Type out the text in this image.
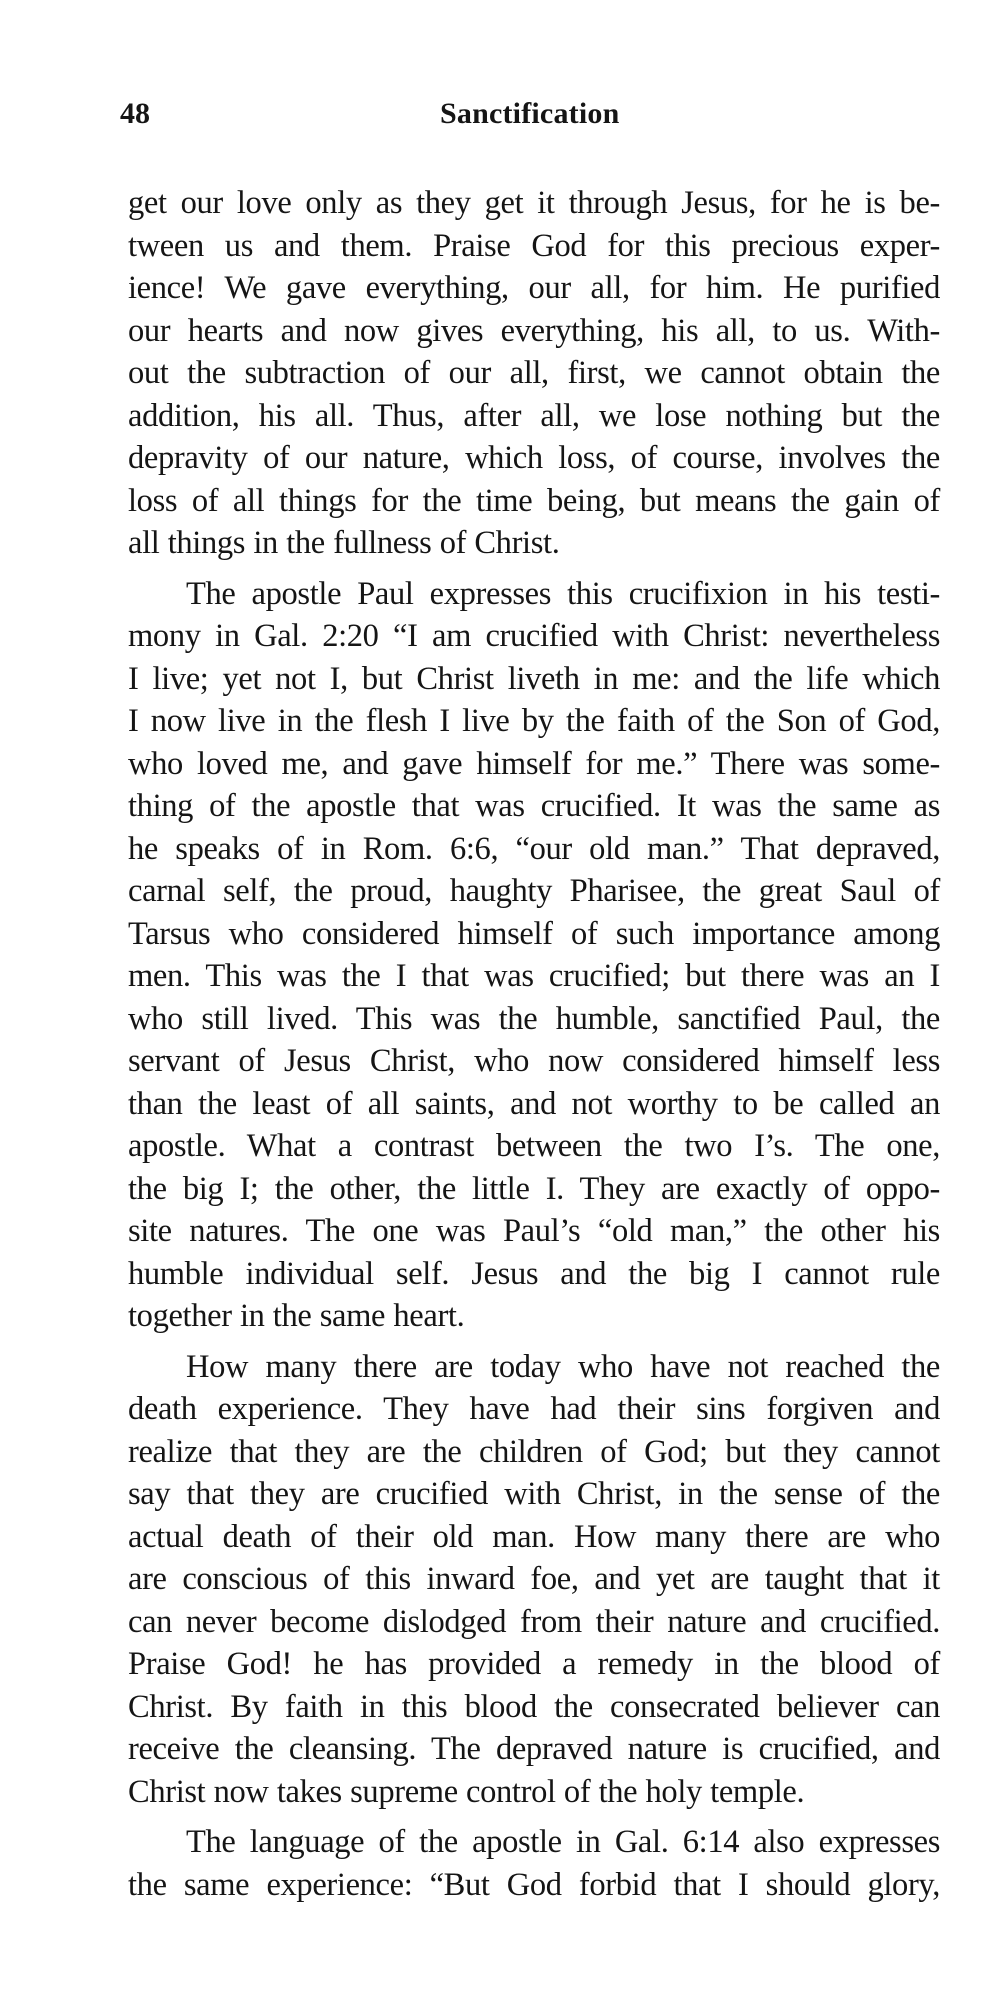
48	Sanctification

get our love only as they get it through Jesus, for he is be-
tween us and them. Praise God for this precious exper-
ience! We gave everything, our all, for him. He purified
our hearts and now gives everything, his all, to us. With-
out the subtraction of our all, first, we cannot obtain the
addition, his all. Thus, after all, we lose nothing but the
depravity of our nature, which loss, of course, involves the
loss of all things for the time being, but means the gain of
all things in the fullness of Christ.

The apostle Paul expresses this crucifixion in his testi-
mony in Gal. 2:20 “I am crucified with Christ: nevertheless
I live; yet not I, but Christ liveth in me: and the life which
I now live in the flesh I live by the faith of the Son of God,
who loved me, and gave himself for me.” There was some-
thing of the apostle that was crucified. It was the same as
he speaks of in Rom. 6:6, “our old man.” That depraved,
carnal self, the proud, haughty Pharisee, the great Saul of
Tarsus who considered himself of such importance among
men. This was the I that was crucified; but there was an I
who still lived. This was the humble, sanctified Paul, the
servant of Jesus Christ, who now considered himself less
than the least of all saints, and not worthy to be called an
apostle. What a contrast between the two I’s. The one,
the big I; the other, the little I. They are exactly of oppo-
site natures. The one was Paul’s “old man,” the other his
humble individual self. Jesus and the big I cannot rule
together in the same heart.

How many there are today who have not reached the
death experience. They have had their sins forgiven and
realize that they are the children of God; but they cannot
say that they are crucified with Christ, in the sense of the
actual death of their old man. How many there are who
are conscious of this inward foe, and yet are taught that it
can never become dislodged from their nature and crucified.
Praise God! he has provided a remedy in the blood of
Christ. By faith in this blood the consecrated believer can
receive the cleansing. The depraved nature is crucified, and
Christ now takes supreme control of the holy temple.

The language of the apostle in Gal. 6:14 also expresses
the same experience: “But God forbid that I should glory,
